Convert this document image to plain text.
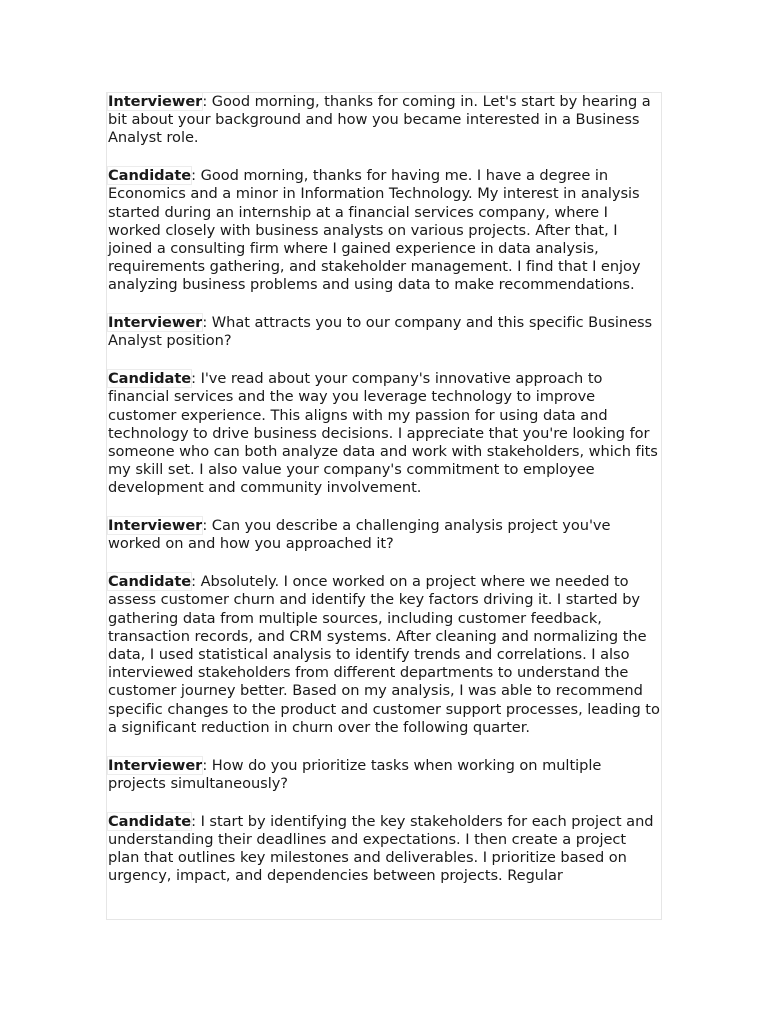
Interviewer: Good morning, thanks for coming in. Let's start by hearing a bit about your background and how you became interested in a Business Analyst role.

Candidate: Good morning, thanks for having me. I have a degree in Economics and a minor in Information Technology. My interest in analysis started during an internship at a financial services company, where I worked closely with business analysts on various projects. After that, I joined a consulting firm where I gained experience in data analysis, requirements gathering, and stakeholder management. I find that I enjoy analyzing business problems and using data to make recommendations.

Interviewer: What attracts you to our company and this specific Business Analyst position?

Candidate: I've read about your company's innovative approach to financial services and the way you leverage technology to improve customer experience. This aligns with my passion for using data and technology to drive business decisions. I appreciate that you're looking for someone who can both analyze data and work with stakeholders, which fits my skill set. I also value your company's commitment to employee development and community involvement.

Interviewer: Can you describe a challenging analysis project you've worked on and how you approached it?

Candidate: Absolutely. I once worked on a project where we needed to assess customer churn and identify the key factors driving it. I started by gathering data from multiple sources, including customer feedback, transaction records, and CRM systems. After cleaning and normalizing the data, I used statistical analysis to identify trends and correlations. I also interviewed stakeholders from different departments to understand the customer journey better. Based on my analysis, I was able to recommend specific changes to the product and customer support processes, leading to a significant reduction in churn over the following quarter.

Interviewer: How do you prioritize tasks when working on multiple projects simultaneously?

Candidate: I start by identifying the key stakeholders for each project and understanding their deadlines and expectations. I then create a project plan that outlines key milestones and deliverables. I prioritize based on urgency, impact, and dependencies between projects. Regular
